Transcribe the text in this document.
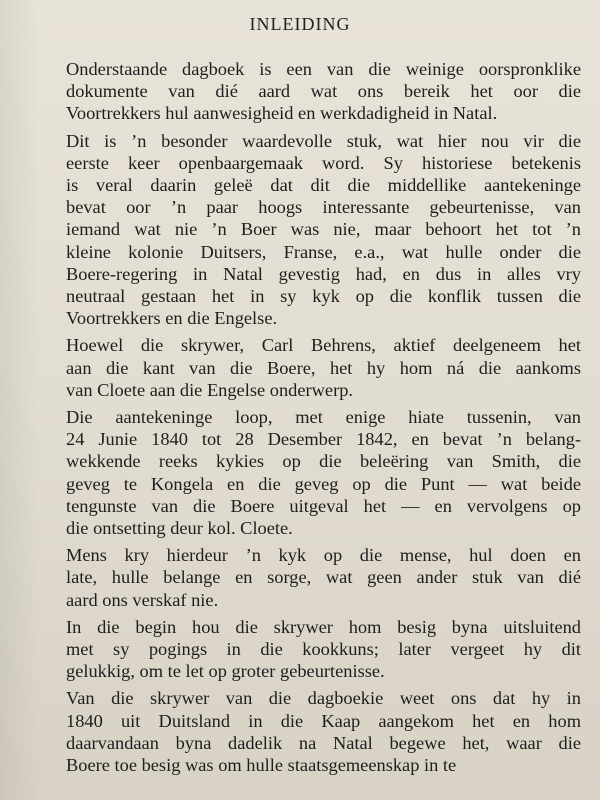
INLEIDING

Onderstaande dagboek is een van die weinige oorspronklike
dokumente van dié aard wat ons bereik het oor die
Voortrekkers hul aanwesigheid en werkdadigheid in Natal.

Dit is ’n besonder waardevolle stuk, wat hier nou vir die
eerste keer openbaargemaak word. Sy historiese betekenis
is veral daarin geleë dat dit die middellike aantekeninge
bevat oor ’n paar hoogs interessante gebeurtenisse, van
iemand wat nie ’n Boer was nie, maar behoort het tot ’n
kleine kolonie Duitsers, Franse, e.a., wat hulle onder die
Boere-regering in Natal gevestig had, en dus in alles vry
neutraal gestaan het in sy kyk op die konflik tussen die
Voortrekkers en die Engelse.

Hoewel die skrywer, Carl Behrens, aktief deelgeneem het
aan die kant van die Boere, het hy hom ná die aankoms
van Cloete aan die Engelse onderwerp.

Die aantekeninge loop, met enige hiate tussenin, van
24 Junie 1840 tot 28 Desember 1842, en bevat ’n belang-
wekkende reeks kykies op die beleëring van Smith, die
geveg te Kongela en die geveg op die Punt — wat beide
tengunste van die Boere uitgeval het — en vervolgens op
die ontsetting deur kol. Cloete.

Mens kry hierdeur ’n kyk op die mense, hul doen en
late, hulle belange en sorge, wat geen ander stuk van dié
aard ons verskaf nie.

In die begin hou die skrywer hom besig byna uitsluitend
met sy pogings in die kookkuns; later vergeet hy dit
gelukkig, om te let op groter gebeurtenisse.

Van die skrywer van die dagboekie weet ons dat hy in
1840 uit Duitsland in die Kaap aangekom het en hom
daarvandaan byna dadelik na Natal begewe het, waar die
Boere toe besig was om hulle staatsgemeenskap in te
